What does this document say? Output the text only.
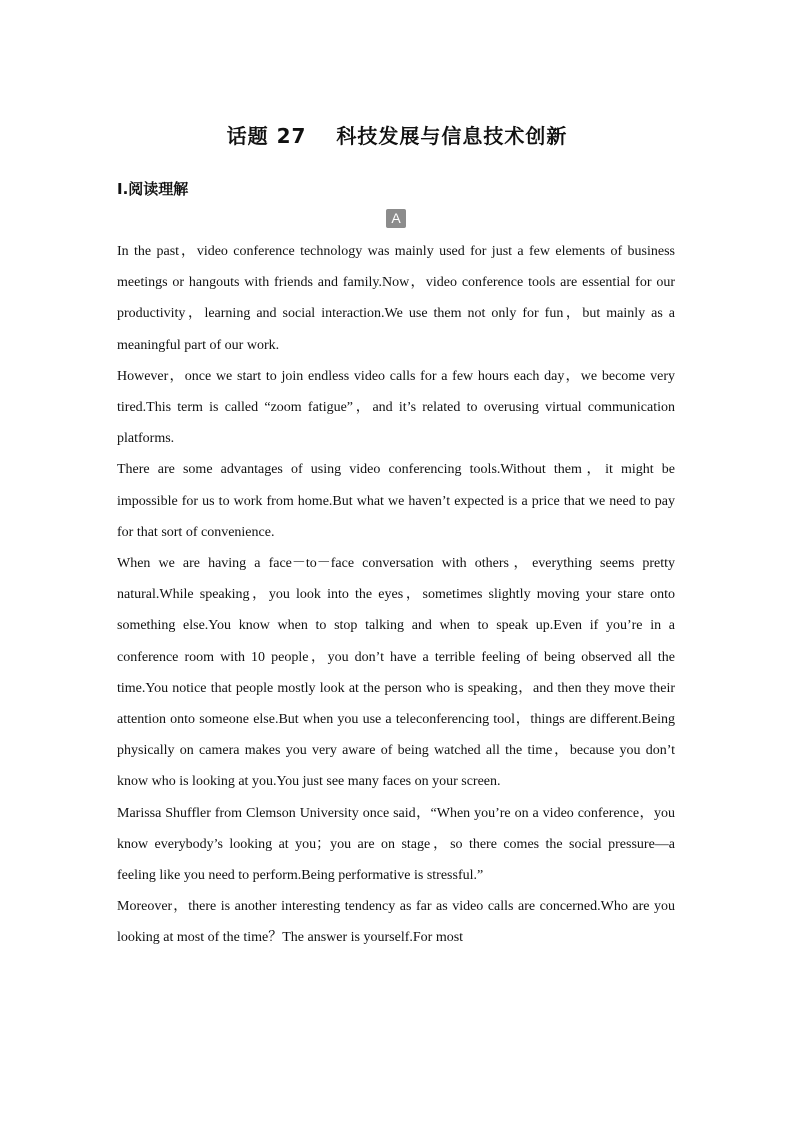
话题 27 科技发展与信息技术创新
Ⅰ.阅读理解
A

In the past，video conference technology was mainly used for just a few elements of business meetings or hangouts with friends and family.Now，video conference tools are essential for our productivity，learning and social interaction.We use them not only for fun，but mainly as a meaningful part of our work.

However，once we start to join endless video calls for a few hours each day，we become very tired.This term is called “zoom fatigue”，and it’s related to overusing virtual communication platforms.

There are some advantages of using video conferencing tools.Without them，it might be impossible for us to work from home.But what we haven’t expected is a price that we need to pay for that sort of convenience.

When we are having a face－to－face conversation with others，everything seems pretty natural.While speaking，you look into the eyes，sometimes slightly moving your stare onto something else.You know when to stop talking and when to speak up.Even if you’re in a conference room with 10 people，you don’t have a terrible feeling of being observed all the time.You notice that people mostly look at the person who is speaking，and then they move their attention onto someone else.But when you use a teleconferencing tool，things are different.Being physically on camera makes you very aware of being watched all the time，because you don’t know who is looking at you.You just see many faces on your screen.

Marissa Shuffler from Clemson University once said，“When you’re on a video conference，you know everybody’s looking at you；you are on stage，so there comes the social pressure—a feeling like you need to perform.Being performative is stressful.”

Moreover，there is another interesting tendency as far as video calls are concerned.Who are you looking at most of the time？The answer is yourself.For most
